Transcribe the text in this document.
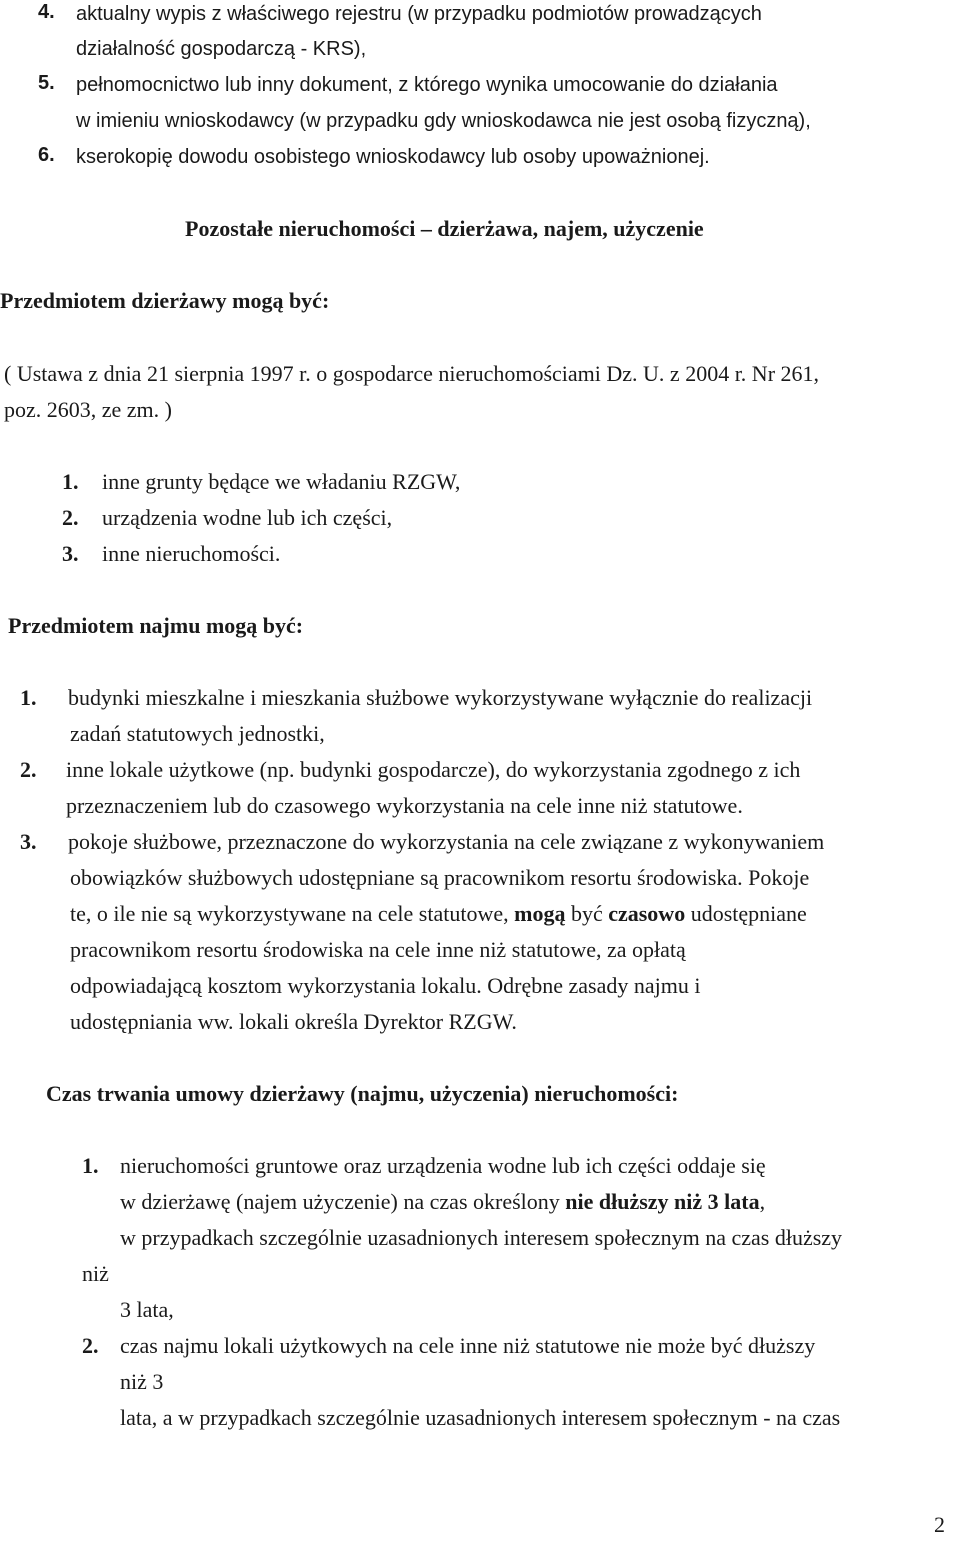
4. aktualny wypis z właściwego rejestru (w przypadku podmiotów prowadzących
działalność gospodarczą - KRS),
5. pełnomocnictwo lub inny dokument, z którego wynika umocowanie do działania
w imieniu wnioskodawcy (w przypadku gdy wnioskodawca nie jest osobą fizyczną),
6. kserokopię dowodu osobistego wnioskodawcy lub osoby upoważnionej.
Pozostałe nieruchomości – dzierżawa, najem, użyczenie
Przedmiotem dzierżawy mogą być:
( Ustawa z dnia 21 sierpnia 1997 r. o gospodarce nieruchomościami Dz. U. z 2004 r. Nr 261,
poz. 2603, ze zm. )
1. inne grunty będące we władaniu RZGW,
2. urządzenia wodne lub ich części,
3. inne nieruchomości.
Przedmiotem najmu mogą być:
1. budynki mieszkalne i mieszkania służbowe wykorzystywane wyłącznie do realizacji
zadań statutowych jednostki,
2. inne lokale użytkowe (np. budynki gospodarcze), do wykorzystania zgodnego z ich
przeznaczeniem lub do czasowego wykorzystania na cele inne niż statutowe.
3. pokoje służbowe, przeznaczone do wykorzystania na cele związane z wykonywaniem
obowiązków służbowych udostępniane są pracownikom resortu środowiska. Pokoje
te, o ile nie są wykorzystywane na cele statutowe, mogą być czasowo udostępniane
pracownikom resortu środowiska na cele inne niż statutowe, za opłatą
odpowiadającą kosztom wykorzystania lokalu. Odrębne zasady najmu i
udostępniania ww. lokali określa Dyrektor RZGW.
Czas trwania umowy dzierżawy (najmu, użyczenia) nieruchomości:
1. nieruchomości gruntowe oraz urządzenia wodne lub ich części oddaje się
w dzierżawę (najem użyczenie) na czas określony nie dłuższy niż 3 lata,
w przypadkach szczególnie uzasadnionych interesem społecznym na czas dłuższy
niż
3 lata,
2. czas najmu lokali użytkowych na cele inne niż statutowe nie może być dłuższy
niż 3
lata, a w przypadkach szczególnie uzasadnionych interesem społecznym - na czas
2
